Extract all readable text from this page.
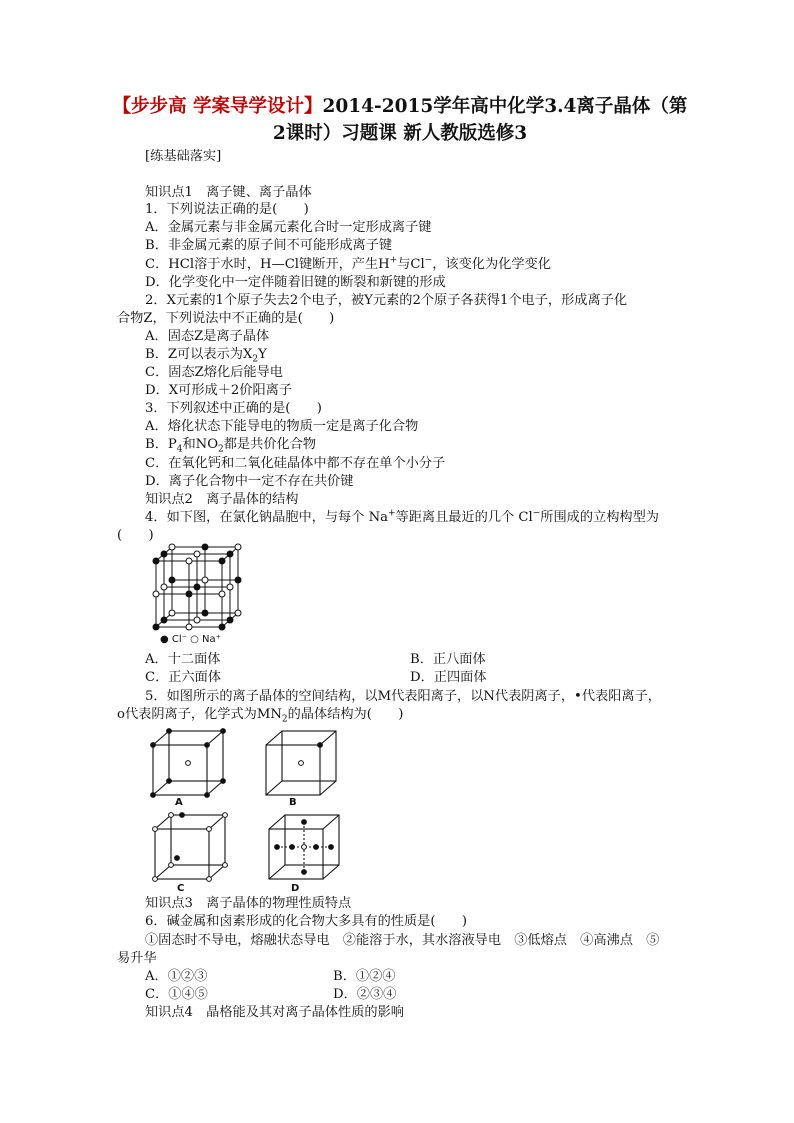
【步步高 学案导学设计】2014-2015学年高中化学3.4离子晶体（第
2课时）习题课 新人教版选修3
[练基础落实]
知识点1　离子键、离子晶体
1．下列说法正确的是(　　)
A．金属元素与非金属元素化合时一定形成离子键
B．非金属元素的原子间不可能形成离子键
C．HCl溶于水时，H—Cl键断开，产生H+与Cl−，该变化为化学变化
D．化学变化中一定伴随着旧键的断裂和新键的形成
2．X元素的1个原子失去2个电子，被Y元素的2个原子各获得1个电子，形成离子化
合物Z，下列说法中不正确的是(　　)
A．固态Z是离子晶体
B．Z可以表示为$X_2Y$
C．固态Z熔化后能导电
D．X可形成＋2价阳离子
3．下列叙述中正确的是(　　)
A．熔化状态下能导电的物质一定是离子化合物
B．$P_4$和$NO_2$都是共价化合物
C．在氧化钙和二氧化硅晶体中都不存在单个小分子
D．离子化合物中一定不存在共价键
知识点2　离子晶体的结构
4．如下图，在氯化钠晶胞中，与每个 Na+等距离且最近的几个 Cl−所围成的立构构型为
(　　)
● Cl⁻ ○ Na⁺
A．十二面体	B．正八面体
C．正六面体	D．正四面体
5．如图所示的离子晶体的空间结构，以M代表阳离子，以N代表阴离子，•代表阳离子，
o代表阴离子，化学式为$MN_2$的晶体结构为(　　)
A	B
C	D
知识点3　离子晶体的物理性质特点
6．碱金属和卤素形成的化合物大多具有的性质是(　　)
①固态时不导电，熔融状态导电　②能溶于水，其水溶液导电　③低熔点　④高沸点　⑤
易升华
A．①②③	B．①②④
C．①④⑤	D．②③④
知识点4　晶格能及其对离子晶体性质的影响
